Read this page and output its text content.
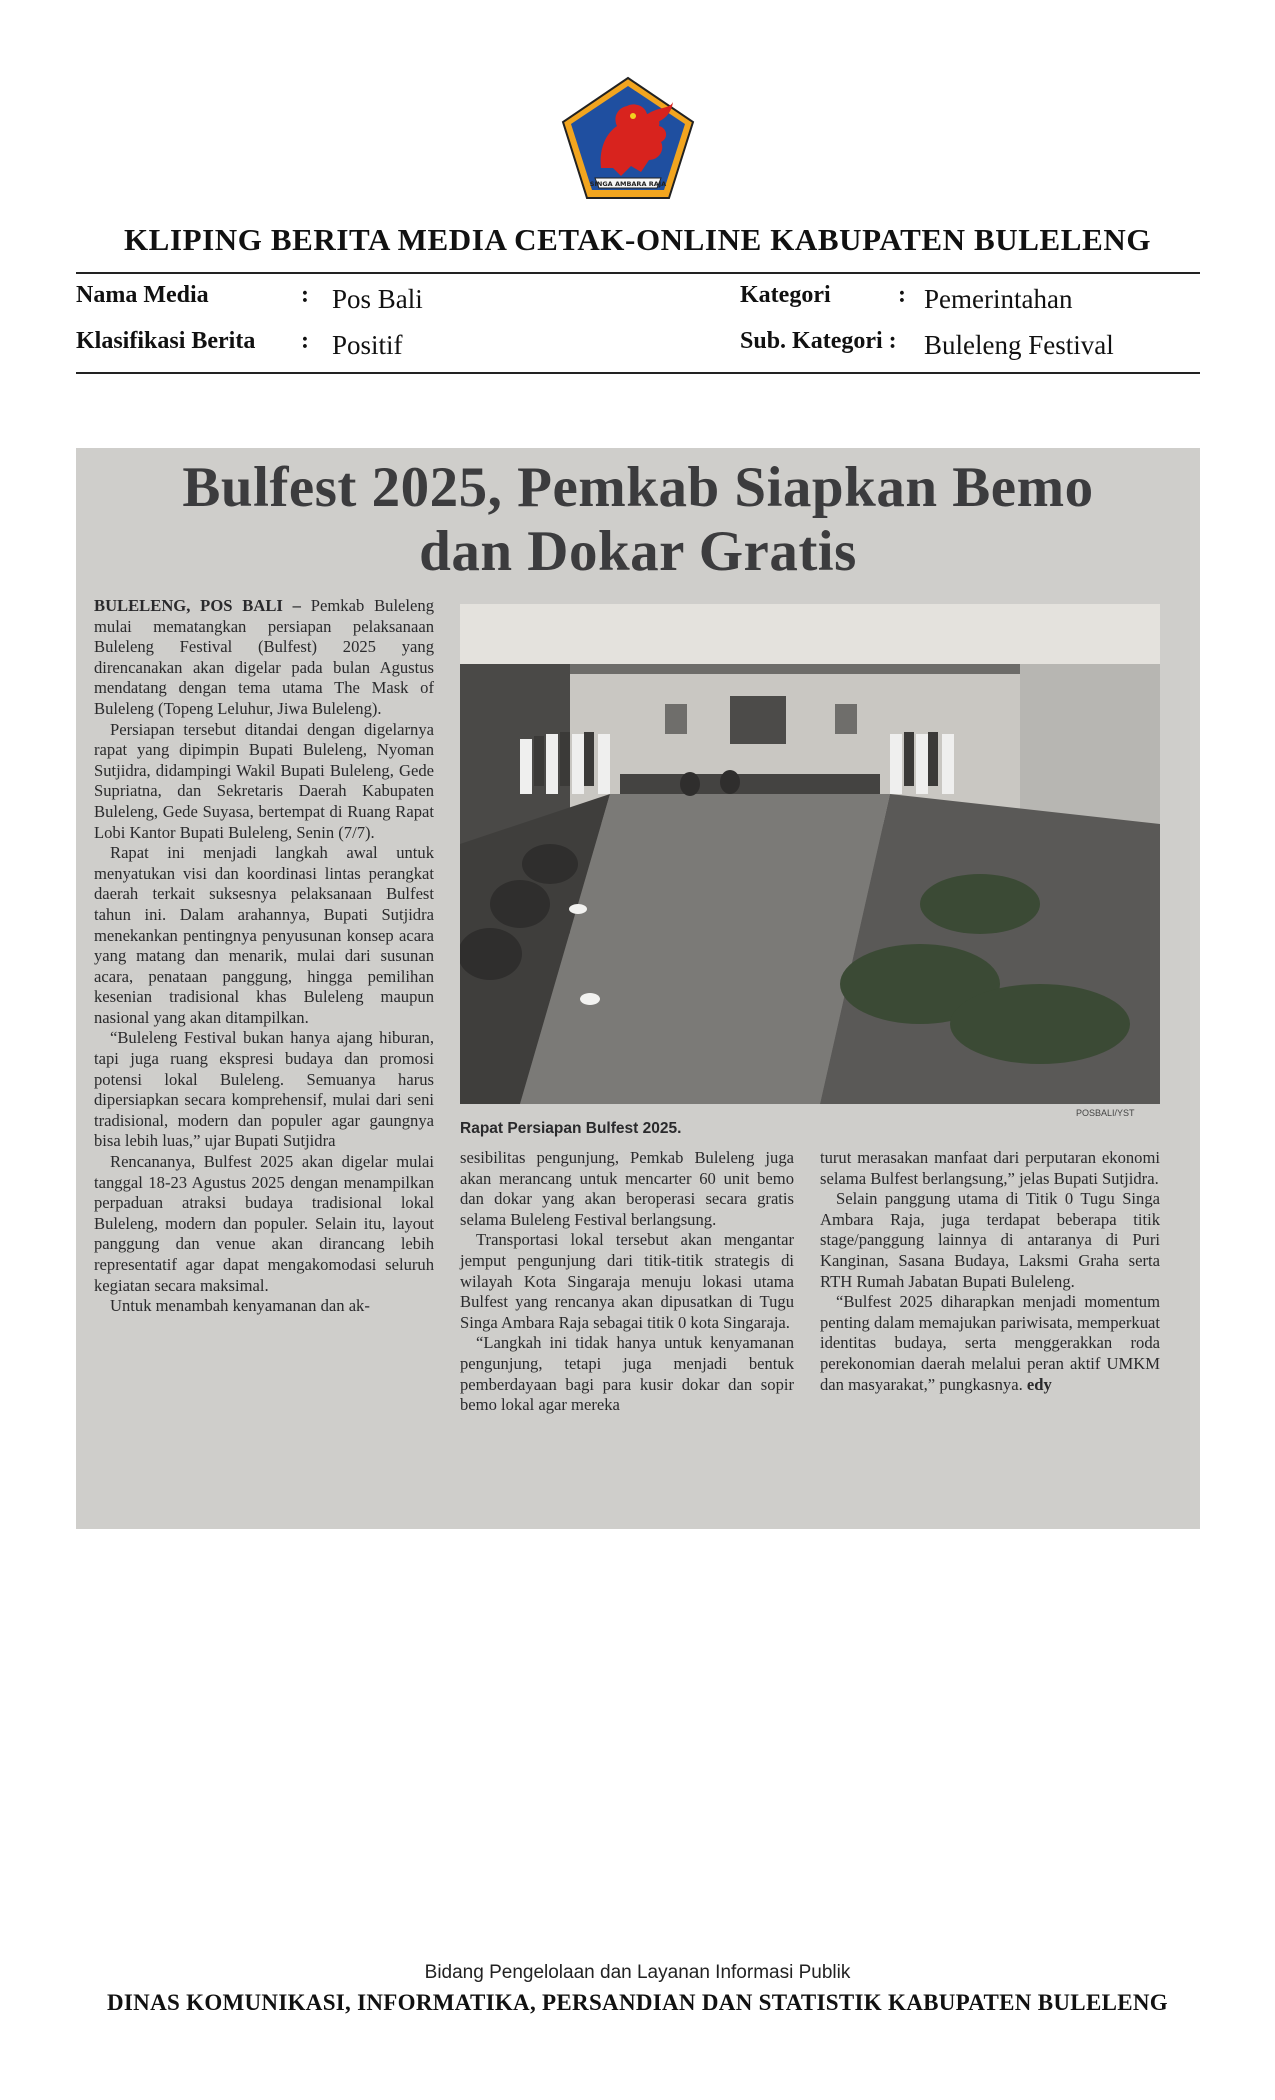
SINGA AMBARA RAJA
KLIPING BERITA MEDIA CETAK-ONLINE KABUPATEN BULELENG
Nama Media	: Pos Bali	Kategori	: Pemerintahan
Klasifikasi Berita : Positif	Sub. Kategori : Buleleng Festival
Bulfest 2025, Pemkab Siapkan Bemo
dan Dokar Gratis

BULELENG, POS BALI – Pemkab Buleleng mulai mematangkan persiapan pelaksanaan Buleleng Festival (Bulfest) 2025 yang direncanakan akan digelar pada bulan Agustus mendatang dengan tema utama The Mask of Buleleng (Topeng Leluhur, Jiwa Buleleng).

Persiapan tersebut ditandai dengan digelarnya rapat yang dipimpin Bupati Buleleng, Nyoman Sutjidra, didampingi Wakil Bupati Buleleng, Gede Supriatna, dan Sekretaris Daerah Kabupaten Buleleng, Gede Suyasa, bertempat di Ruang Rapat Lobi Kantor Bupati Buleleng, Senin (7/7).

Rapat ini menjadi langkah awal untuk menyatukan visi dan koordinasi lintas perangkat daerah terkait suksesnya pelaksanaan Bulfest tahun ini. Dalam arahannya, Bupati Sutjidra menekankan pentingnya penyusunan konsep acara yang matang dan menarik, mulai dari susunan acara, penataan panggung, hingga pemilihan kesenian tradisional khas Buleleng maupun nasional yang akan ditampilkan.

“Buleleng Festival bukan hanya ajang hiburan, tapi juga ruang ekspresi budaya dan promosi potensi lokal Buleleng. Semuanya harus dipersiapkan secara komprehensif, mulai dari seni tradisional, modern dan populer agar gaungnya bisa lebih luas,” ujar Bupati Sutjidra

Rencananya, Bulfest 2025 akan digelar mulai tanggal 18-23 Agustus 2025 dengan menampilkan perpaduan atraksi budaya tradisional lokal Buleleng, modern dan populer. Selain itu, layout panggung dan venue akan dirancang lebih representatif agar dapat mengakomodasi seluruh kegiatan secara maksimal.

Untuk menambah kenyamanan dan ak-

POSBALI/YST
Rapat Persiapan Bulfest 2025.

sesibilitas pengunjung, Pemkab Buleleng juga akan merancang untuk mencarter 60 unit bemo dan dokar yang akan beroperasi secara gratis selama Buleleng Festival berlangsung.

Transportasi lokal tersebut akan mengantar jemput pengunjung dari titik-titik strategis di wilayah Kota Singaraja menuju lokasi utama Bulfest yang rencanya akan dipusatkan di Tugu Singa Ambara Raja sebagai titik 0 kota Singaraja.

“Langkah ini tidak hanya untuk kenyamanan pengunjung, tetapi juga menjadi bentuk pemberdayaan bagi para kusir dokar dan sopir bemo lokal agar mereka

turut merasakan manfaat dari perputaran ekonomi selama Bulfest berlangsung,” jelas Bupati Sutjidra.

Selain panggung utama di Titik 0 Tugu Singa Ambara Raja, juga terdapat beberapa titik stage/panggung lainnya di antaranya di Puri Kanginan, Sasana Budaya, Laksmi Graha serta RTH Rumah Jabatan Bupati Buleleng.

“Bulfest 2025 diharapkan menjadi momentum penting dalam memajukan pariwisata, memperkuat identitas budaya, serta menggerakkan roda perekonomian daerah melalui peran aktif UMKM dan masyarakat,” pungkasnya. edy

Bidang Pengelolaan dan Layanan Informasi Publik
DINAS KOMUNIKASI, INFORMATIKA, PERSANDIAN DAN STATISTIK KABUPATEN BULELENG
